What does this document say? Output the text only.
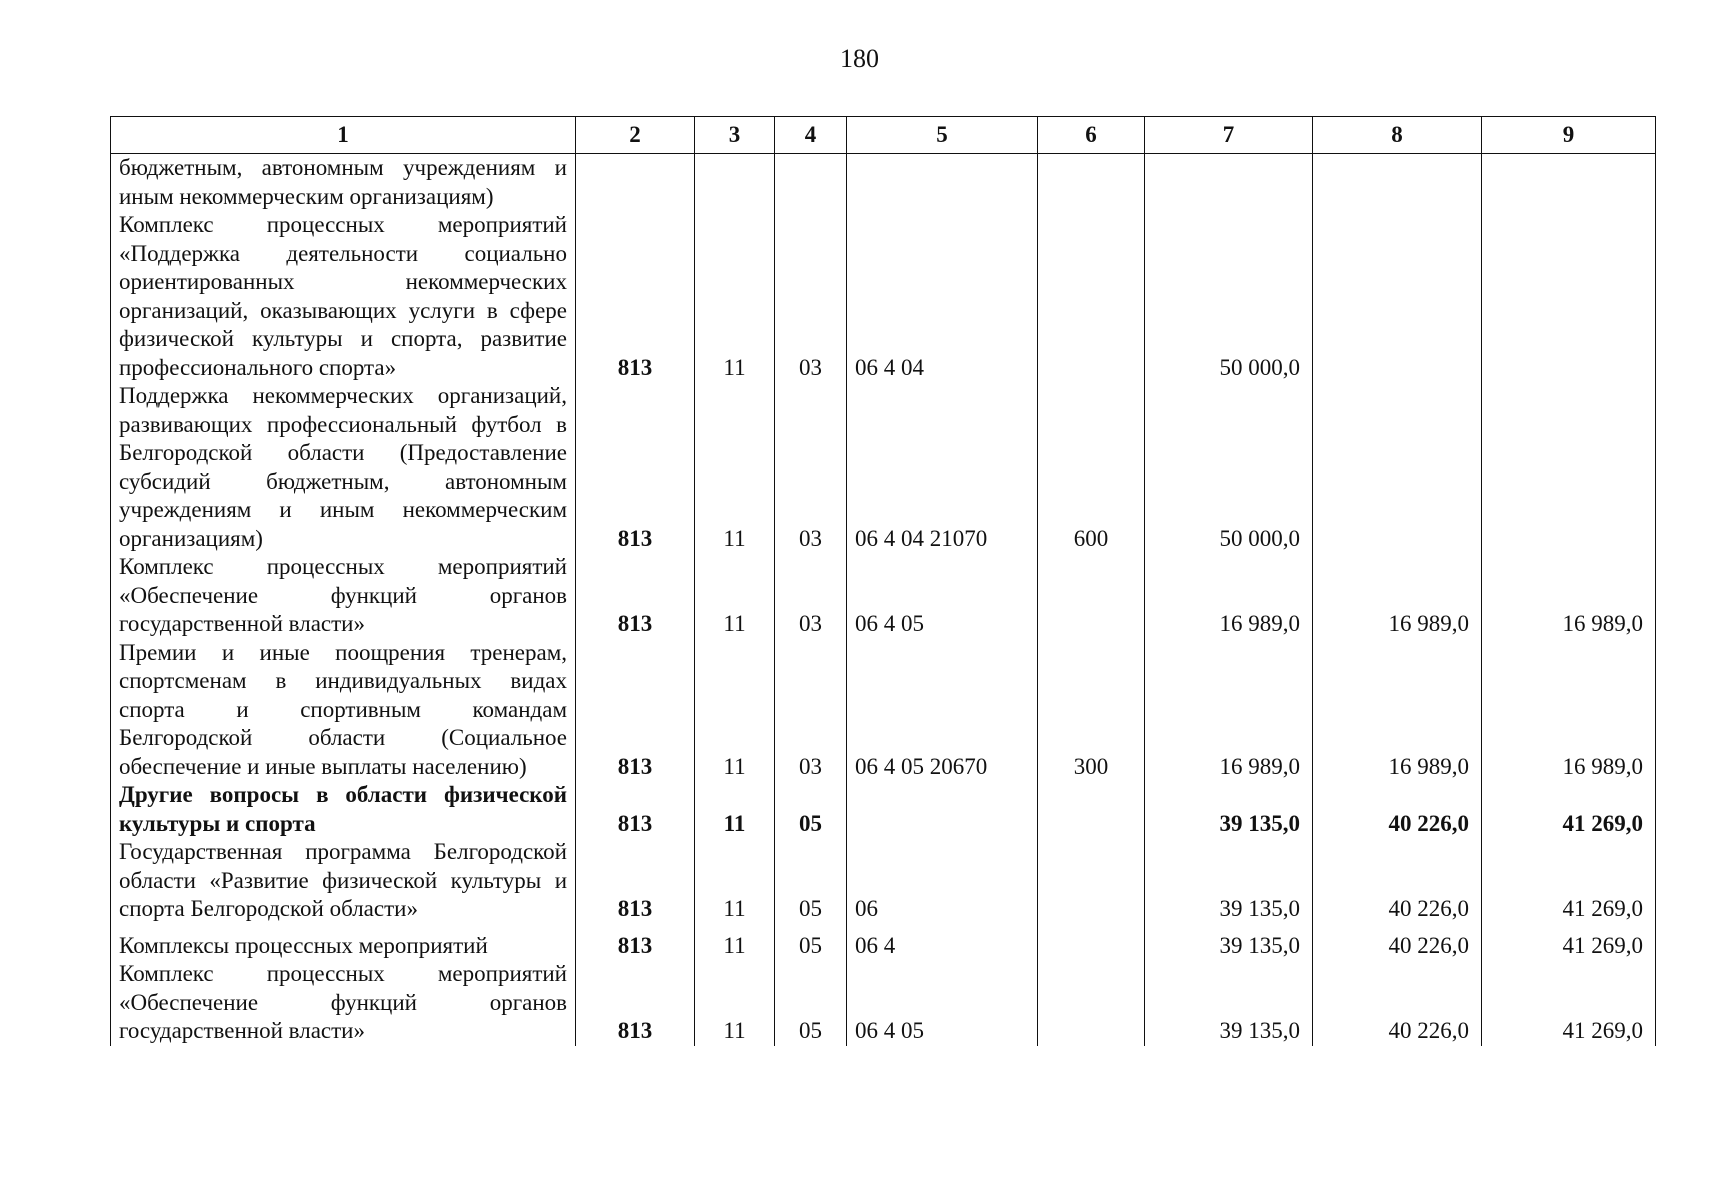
180
1	2	3	4	5	6	7	8	9
бюджетным, автономным учреждениям и иным некоммерческим организациям)								
Комплекс процессных мероприятий «Поддержка деятельности социально ориентированных некоммерческих организаций, оказывающих услуги в сфере физической культуры и спорта, развитие профессионального спорта»	813	11	03	06 4 04		50 000,0		
Поддержка некоммерческих организаций, развивающих профессиональный футбол в Белгородской области (Предоставление субсидий бюджетным, автономным учреждениям и иным некоммерческим организациям)	813	11	03	06 4 04 21070	600	50 000,0		
Комплекс процессных мероприятий «Обеспечение функций органов государственной власти»	813	11	03	06 4 05		16 989,0	16 989,0	16 989,0
Премии и иные поощрения тренерам, спортсменам в индивидуальных видах спорта и спортивным командам Белгородской области (Социальное обеспечение и иные выплаты населению)	813	11	03	06 4 05 20670	300	16 989,0	16 989,0	16 989,0
Другие вопросы в области физической культуры и спорта	813	11	05			39 135,0	40 226,0	41 269,0
Государственная программа Белгородской области «Развитие физической культуры и спорта Белгородской области»	813	11	05	06		39 135,0	40 226,0	41 269,0
Комплексы процессных мероприятий	813	11	05	06 4		39 135,0	40 226,0	41 269,0
Комплекс процессных мероприятий «Обеспечение функций органов государственной власти»	813	11	05	06 4 05		39 135,0	40 226,0	41 269,0
